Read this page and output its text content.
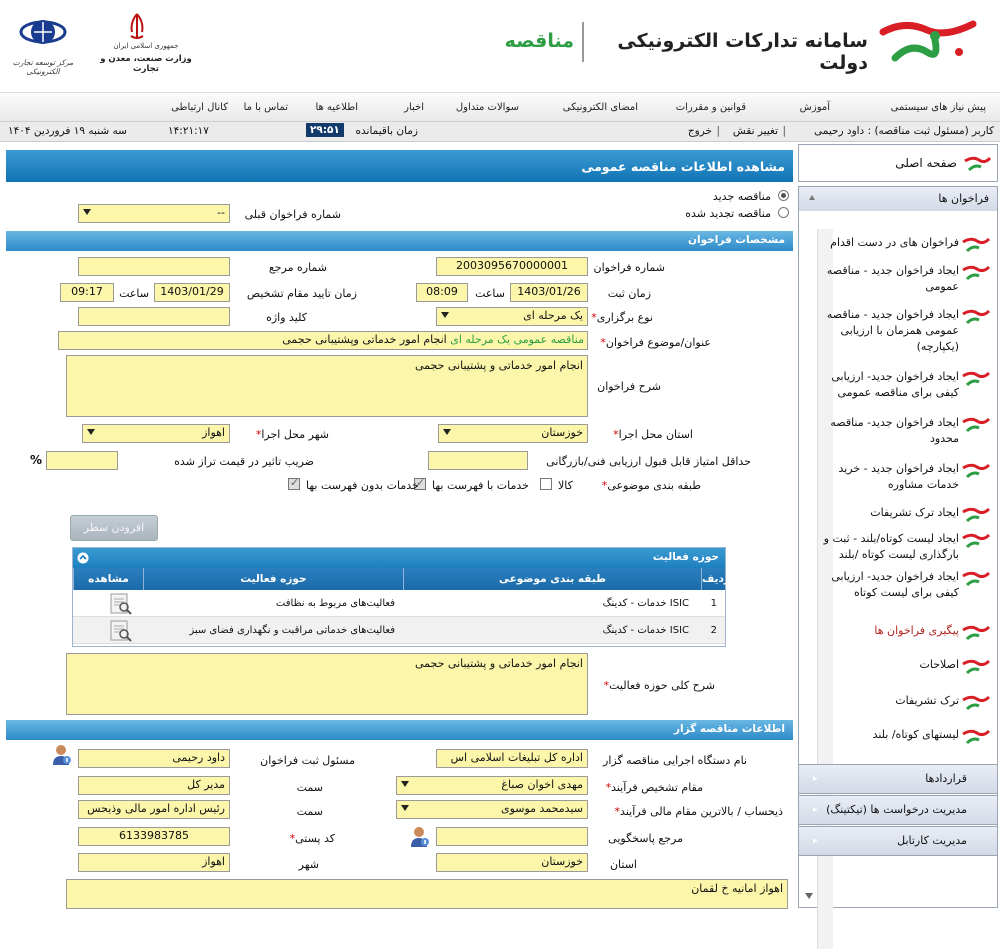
سامانه تدارکات الکترونیکی دولت
مناقصه
جمهوری اسلامی ایران
وزارت صنعت، معدن و تجارت
مرکز توسعه تجارت الکترونیکی
پیش نیاز های سیستمی
آموزش
قوانین و مقررات
امضای الکترونیکی
سوالات متداول
اخبار
اطلاعیه ها
تماس با ما
کانال ارتباطی
کاربر (مسئول ثبت مناقصه) : داود رحیمی
|
تغییر نقش
|
خروج
زمان باقیمانده
۲۹:۵۱
۱۴:۲۱:۱۷
سه شنبه ۱۹ فروردین ۱۴۰۴
مشاهده اطلاعات مناقصه عمومی
مناقصه جدید
مناقصه تجدید شده
شماره فراخوان قبلی
--
مشخصات فراخوان
شماره فراخوان
2003095670000001
شماره مرجع
زمان ثبت
1403/01/26
ساعت
08:09
زمان تایید مقام تشخیص
1403/01/29
ساعت
09:17
*نوع برگزاری
یک مرحله ای
کلید واژه
*عنوان/موضوع فراخوان
مناقصه عمومی یک مرحله ای انجام امور خدماتی وپشتیبانی حجمی
شرح فراخوان
انجام امور خدماتی و پشتیبانی حجمی
*استان محل اجرا
خوزستان
*شهر محل اجرا
اهواز
حداقل امتیاز قابل قبول ارزیابی فنی/بازرگانی
ضریب تاثیر در قیمت تراز شده
%
*طبقه بندی موضوعی
کالا
✓
خدمات با فهرست بها
✓
خدمات بدون فهرست بها
افزودن سطر
حوزه فعالیت
ردیف
طبقه بندی موضوعی
حوزه فعالیت
مشاهده
1
خدمات - کدینگ ISIC
فعالیت‌های مربوط به نظافت
2
خدمات - کدینگ ISIC
فعالیت‌های خدماتی مراقبت و نگهداری فضای سبز
*شرح کلی حوزه فعالیت
انجام امور خدماتی و پشتیبانی حجمی
اطلاعات مناقصه گزار
نام دستگاه اجرایی مناقصه گزار
اداره کل تبلیغات اسلامی اس
مسئول ثبت فراخوان
داود رحیمی
سمت
مدیر کل	*مقام تشخیص فرآیند
مهدی اخوان صباغ
*ذیحساب / بالاترین مقام مالی فرآیند
سیدمحمد موسوی
سمت
رئیس اداره امور مالی وذیحس
مرجع پاسخگویی
*کد پستی
6133983785
استان
خوزستان
شهر
اهواز
اهواز امانیه خ لقمان
صفحه اصلی
فراخوان ها
فراخوان های در دست اقدام
ایجاد فراخوان جدید - مناقصه عمومی
ایجاد فراخوان جدید - مناقصه عمومی همزمان با ارزیابی (یکپارچه)
ایجاد فراخوان جدید- ارزیابی کیفی برای مناقصه عمومی
ایجاد فراخوان جدید- مناقصه محدود
ایجاد فراخوان جدید - خرید خدمات مشاوره
ایجاد ترک تشریفات
ایجاد لیست کوتاه/بلند - ثبت و بارگذاری لیست کوتاه /بلند
ایجاد فراخوان جدید- ارزیابی کیفی برای لیست کوتاه
پیگیری فراخوان ها
اصلاحات
ترک تشریفات
لیستهای کوتاه/ بلند
قراردادها
▸
مدیریت درخواست ها (تیکتینگ)
▸
مدیریت کارتابل
▸
